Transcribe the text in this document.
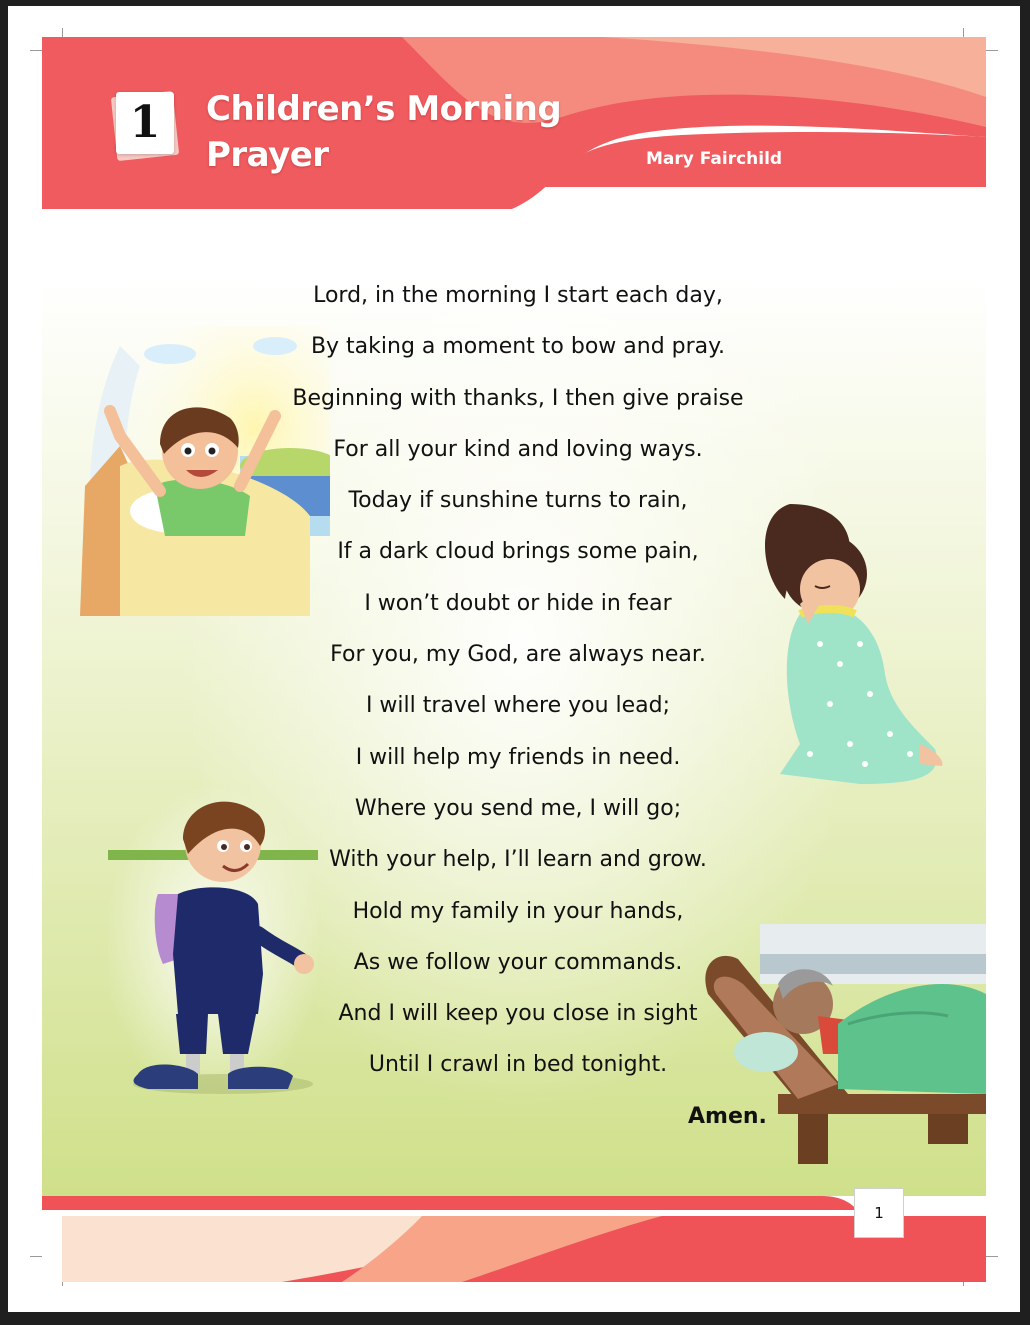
1	Children’s Morning
Prayer	Mary Fairchild
Lord, in the morning I start each day,
By taking a moment to bow and pray.
Beginning with thanks, I then give praise
For all your kind and loving ways.
Today if sunshine turns to rain,
If a dark cloud brings some pain,
I won’t doubt or hide in fear
For you, my God, are always near.
I will travel where you lead;
I will help my friends in need.
Where you send me, I will go;
With your help, I’ll learn and grow.
Hold my family in your hands,
As we follow your commands.
And I will keep you close in sight
Until I crawl in bed tonight.
Amen.
1
